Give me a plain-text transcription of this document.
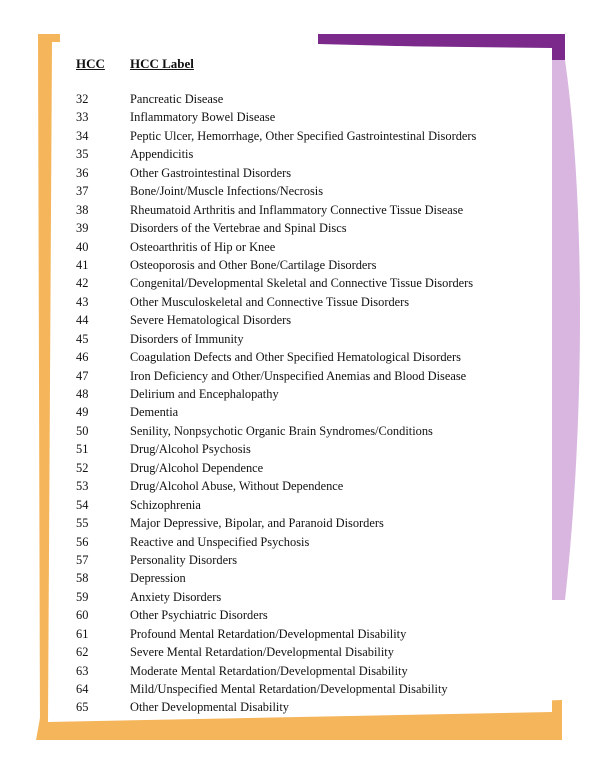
HCC HCC Label
32	Pancreatic Disease
33	Inflammatory Bowel Disease
34	Peptic Ulcer, Hemorrhage, Other Specified Gastrointestinal Disorders
35	Appendicitis
36	Other Gastrointestinal Disorders
37	Bone/Joint/Muscle Infections/Necrosis
38	Rheumatoid Arthritis and Inflammatory Connective Tissue Disease
39	Disorders of the Vertebrae and Spinal Discs
40	Osteoarthritis of Hip or Knee
41	Osteoporosis and Other Bone/Cartilage Disorders
42	Congenital/Developmental Skeletal and Connective Tissue Disorders
43	Other Musculoskeletal and Connective Tissue Disorders
44	Severe Hematological Disorders
45	Disorders of Immunity
46	Coagulation Defects and Other Specified Hematological Disorders
47	Iron Deficiency and Other/Unspecified Anemias and Blood Disease
48	Delirium and Encephalopathy
49	Dementia
50	Senility, Nonpsychotic Organic Brain Syndromes/Conditions
51	Drug/Alcohol Psychosis
52	Drug/Alcohol Dependence
53	Drug/Alcohol Abuse, Without Dependence
54	Schizophrenia
55	Major Depressive, Bipolar, and Paranoid Disorders
56	Reactive and Unspecified Psychosis
57	Personality Disorders
58	Depression
59	Anxiety Disorders
60	Other Psychiatric Disorders
61	Profound Mental Retardation/Developmental Disability
62	Severe Mental Retardation/Developmental Disability
63	Moderate Mental Retardation/Developmental Disability
64	Mild/Unspecified Mental Retardation/Developmental Disability
65	Other Developmental Disability
